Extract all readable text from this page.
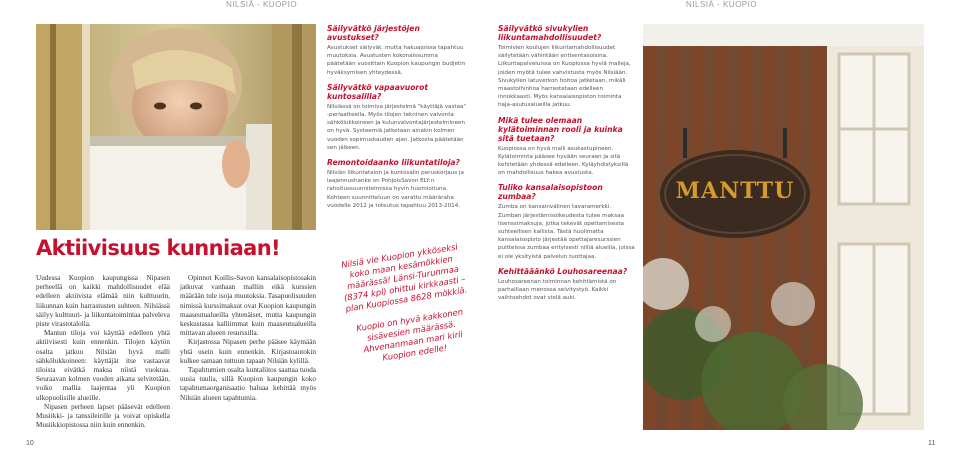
NILSIÄ - KUOPIO	NILSIÄ - KUOPIO
Aktiivisuus kunniaan!

Uudessa Kuopion kaupungissa Nipasen perheellä on kaikki mahdollisuudet elää edelleen aktiivista elämää niin kulttuurin, liikunnan kuin harrastusten suhteen. Nilsiässä säilyy kulttuuri- ja liikuntatoimintaa palveleva piste virastotalolla.

Mantun tiloja voi käyttää edelleen yhtä aktiivisesti kuin ennenkin. Tilojen käytön osalta jatkuu Nilsiän hyvä malli sähkölukkoineen: käyttäjät itse vastaavat tiloista eivätkä maksa niistä vuokraa. Seuraavan kolmen vuoden aikana selvitetään, voiko mallia laajentaa yli Kuopion ulkopuolisille alueille.

Nipasen perheen lapset pääsevät edelleen Musiikki- ja tanssileirille ja voivat opiskella Musiikkiopistossa niin kuin ennenkin.

Opinnot Koillis-Savon kansalaisopistosakin jatkuvat vanhaan malliin eikä kurssien määrään tule isoja muutoksia. Tasapuolisuuden nimissä kurssimaksut ovat Kuopion kaupungin maaseutualueilla yhtenäiset, mutta kaupungin keskustassa kalliimmat kuin maaseutualueilla mittavan alueen resurssilla.

Kirjastossa Nipasen perhe pääsee käymään yhtä usein kuin ennenkin. Kirjastoautokin kulkee samaan tuttuun tapaan Nilsiän kylillä.

Tapahtumien osalta kuntaliitos saattaa tuoda uusia tuulia, sillä Kuopion kaupungin koko tapahtumaorganisaatio haluaa kehittää myös Nilsiän alueen tapahtumia.

Säilyvätkö järjestöjen avustukset?

Avustukset säilyvät, mutta hakuajoissa tapahtuu muutoksia. Avustusten kokonaissumma päätetään vuosittain Kuopion kaupungin budjetin hyväksymisen yhteydessä.

Säilyvätkö vapaavuorot kuntosalilla?

Nilsiässä on toimiva järjestelmä "käyttäjä vastaa" -periaatteella. Myös tilojen tekninen valvonta sähkölukkoineen ja kulunvalvontajärjestelmineen on hyvä. Systeemiä jatketaan ainakin kolmen vuoden sopimuskauden ajan. Jatkosta päätetään sen jälkeen.

Remontoidaanko liikuntatiloja?

Nilsiän liikuntatalon ja kuntosalin peruskorjaus ja laajennushanke on PohjoisSavon ELY:n rahoitussuunnitelmissa hyvin huomioituna. Kohteen suunnitteluun on varattu määräraha vuodelle 2012 ja toteutus tapahtuu 2013-2014.

Nilsiä vie Kuopion ykköseksi koko maan kesämökkien määrässä! Länsi-Turunmaa (8374 kpl) ohittui kirkkaasti – plan Kuopiossa 8628 mökkiä.

Kuopio on hyvä kakkonen sisävesien määrässä. Ahvenanmaan mari kirii Kuopion edelle!

Säilyvätkö sivukylien liikuntamahdollisuudet?

Toimivien koulujen liikuntamahdollisuudet säilytetään vähintään entisentasoisina. Liikuntapalveluissa on Kuopiossa hyviä malleja, joiden myötä tulee vahvistusta myös Nilsiään. Sivukylien latuverkon hoitoa jatketaan, mikäli maastoihinhoa harrastetaan edelleen innokkaasti. Myös kansalaisopiston toiminta haja-asutusalueilla jatkuu.

Mikä tulee olemaan kylätoiminnan rooli ja kuinka sitä tuetaan?

Kuopiossa on hyvä malli asukastupineen. Kylätoiminta pääsee hyvään seuraan ja sitä kehitetään yhdessä edelleen. Kyläyhdistyksillä on mahdollisuus hakea avustusta.

Tuliko kansalaisopistoon zumbaa?

Zumba on kansainvälinen tavaramerkki. Zumban järjestämisoikeudesta tulee maksaa lisenssimaksuja, jotka tekevät opettamisesta suhteellisen kallista. Tästä huolimatta kansalaisopisto järjestää opettajaresurssien puitteissa zumbaa erityisesti nilliä alueilla, joissa ei ole yksityistä palvelun tuottajaa.

Kehittääänkö Louhosareenaa?

Louhosareenan toiminnan kehittämistä on parhaillaan menossa selvitystyö. Kaikki vaihtoehdot ovat vielä auki.

MANTTU
10	11
